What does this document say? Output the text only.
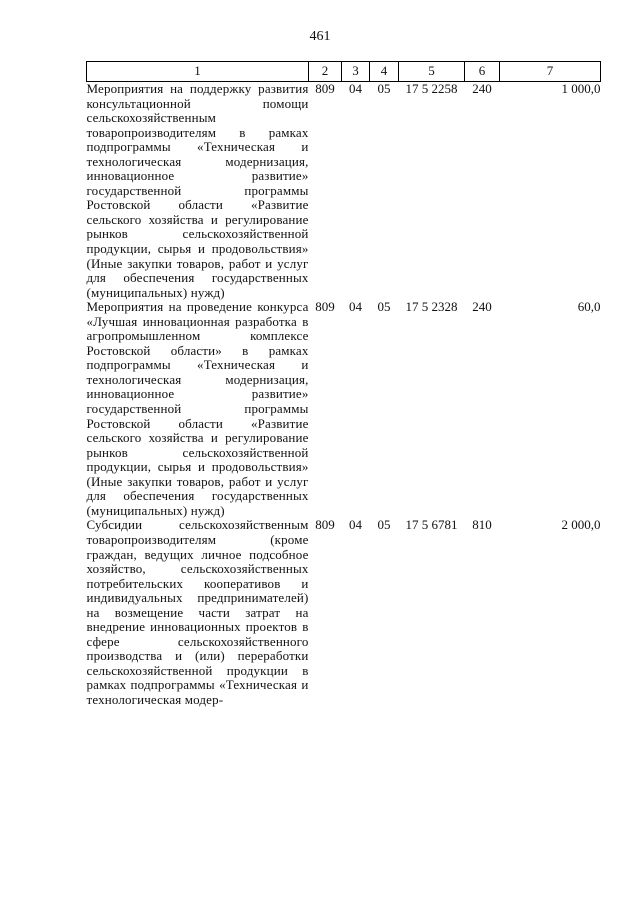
461
1	2	3	4	5	6	7
Мероприятия на поддержку развития консультационной помощи сельскохозяйственным товаропроизводителям в рамках подпрограммы «Техническая и технологическая модернизация, инновационное развитие» государственной программы Ростовской области «Развитие сельского хозяйства и регулирование рынков сельскохозяйственной продукции, сырья и продовольствия» (Иные закупки товаров, работ и услуг для обеспечения государственных (муниципальных) нужд)	809	04	05	17 5 2258	240	1 000,0
Мероприятия на проведение конкурса «Лучшая инновационная разработка в агропромышленном комплексе Ростовской области» в рамках подпрограммы «Техническая и технологическая модернизация, инновационное развитие» государственной программы Ростовской области «Развитие сельского хозяйства и регулирование рынков сельскохозяйственной продукции, сырья и продовольствия» (Иные закупки товаров, работ и услуг для обеспечения государственных (муниципальных) нужд)	809	04	05	17 5 2328	240	60,0
Субсидии сельскохозяйственным товаропроизводителям (кроме граждан, ведущих личное подсобное хозяйство, сельскохозяйственных потребительских кооперативов и индивидуальных предпринимателей) на возмещение части затрат на внедрение инновационных проектов в сфере сельскохозяйственного производства и (или) переработки сельскохозяйственной продукции в рамках подпрограммы «Техническая и технологическая модер-	809	04	05	17 5 6781	810	2 000,0
